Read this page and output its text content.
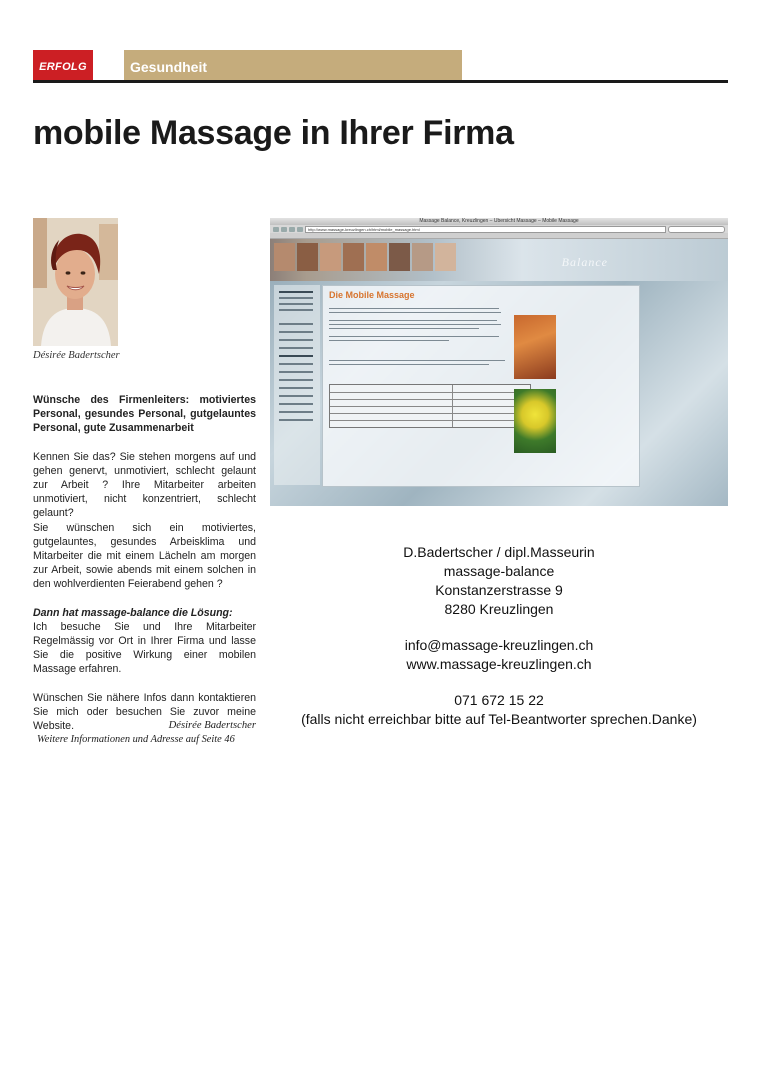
ERFOLG	Gesundheit
mobile Massage in Ihrer Firma
Désirée Badertscher

Wünsche des Firmenleiters: motiviertes Personal, gesundes Personal, gutgelauntes Personal, gute Zusammenarbeit

Kennen Sie das? Sie stehen morgens auf und gehen genervt, unmotiviert, schlecht gelaunt zur Arbeit ? Ihre Mitarbeiter arbeiten unmotiviert, nicht konzentriert, schlecht gelaunt?

Sie wünschen sich ein motiviertes, gutgelauntes, gesundes Arbeisklima und Mitarbeiter die mit einem Lächeln am morgen zur Arbeit, sowie abends mit einem solchen in den wohlverdienten Feierabend gehen ?

Dann hat massage-balance die Lösung:
Ich besuche Sie und Ihre Mitarbeiter Regelmässig vor Ort in Ihrer Firma und lasse Sie die positive Wirkung einer mobilen Massage erfahren.

Wünschen Sie nähere Infos dann kontaktieren Sie mich oder besuchen Sie zuvor meine Website.	Désirée Badertscher
Weitere Informationen und Adresse auf Seite 46

Massage Balance, Kreuzlingen – Übersicht Massage – Mobile Massage
http://www.massage-kreuzlingen.ch/html/mobile_massage.html
Balance
Die Mobile Massage
D.Badertscher / dipl.Masseurin
massage-balance
Konstanzerstrasse 9
8280 Kreuzlingen
info@massage-kreuzlingen.ch
www.massage-kreuzlingen.ch
071 672 15 22
(falls nicht erreichbar bitte auf Tel-Beantworter sprechen.Danke)
